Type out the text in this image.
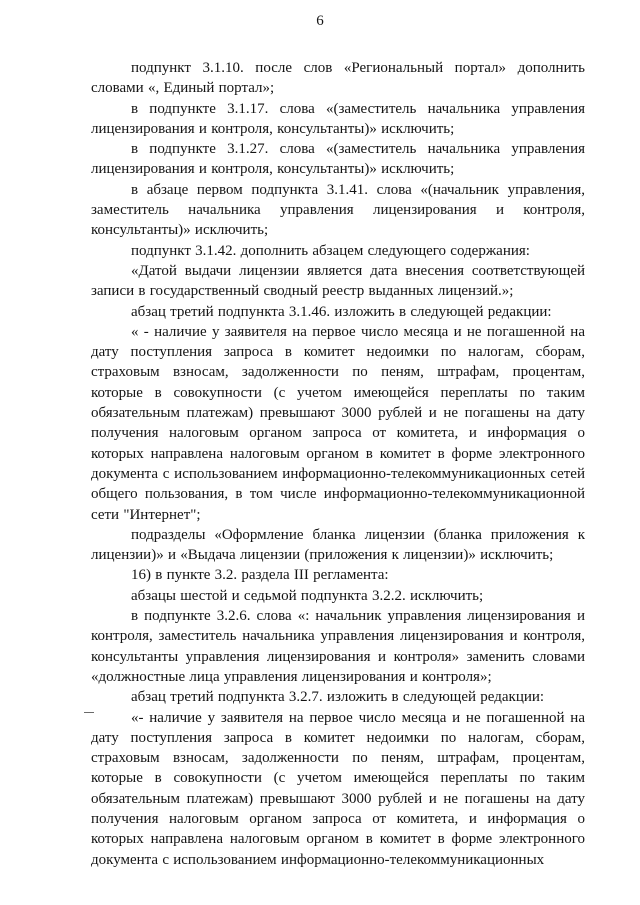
6

подпункт 3.1.10. после слов «Региональный портал» дополнить словами «, Единый портал»;

в подпункте 3.1.17. слова «(заместитель начальника управления лицензирования и контроля, консультанты)» исключить;

в подпункте 3.1.27. слова «(заместитель начальника управления лицензирования и контроля, консультанты)» исключить;

в абзаце первом подпункта 3.1.41. слова «(начальник управления, заместитель начальника управления лицензирования и контроля, консультанты)» исключить;

подпункт 3.1.42. дополнить абзацем следующего содержания:

«Датой выдачи лицензии является дата внесения соответствующей записи в государственный сводный реестр выданных лицензий.»;

абзац третий подпункта 3.1.46. изложить в следующей редакции:

« - наличие у заявителя на первое число месяца и не погашенной на дату поступления запроса в комитет недоимки по налогам, сборам, страховым взносам, задолженности по пеням, штрафам, процентам, которые в совокупности (с учетом имеющейся переплаты по таким обязательным платежам) превышают 3000 рублей и не погашены на дату получения налоговым органом запроса от комитета, и информация о которых направлена налоговым органом в комитет в форме электронного документа с использованием информационно-телекоммуникационных сетей общего пользования, в том числе информационно-телекоммуникационной сети "Интернет";

подразделы «Оформление бланка лицензии (бланка приложения к лицензии)» и «Выдача лицензии (приложения к лицензии)» исключить;

16) в пункте 3.2. раздела III регламента:

абзацы шестой и седьмой подпункта 3.2.2. исключить;

в подпункте 3.2.6. слова «: начальник управления лицензирования и контроля, заместитель начальника управления лицензирования и контроля, консультанты управления лицензирования и контроля» заменить словами «должностные лица управления лицензирования и контроля»;

абзац третий подпункта 3.2.7. изложить в следующей редакции:

«- наличие у заявителя на первое число месяца и не погашенной на дату поступления запроса в комитет недоимки по налогам, сборам, страховым взносам, задолженности по пеням, штрафам, процентам, которые в совокупности (с учетом имеющейся переплаты по таким обязательным платежам) превышают 3000 рублей и не погашены на дату получения налоговым органом запроса от комитета, и информация о которых направлена налоговым органом в комитет в форме электронного документа с использованием информационно-телекоммуникационных
